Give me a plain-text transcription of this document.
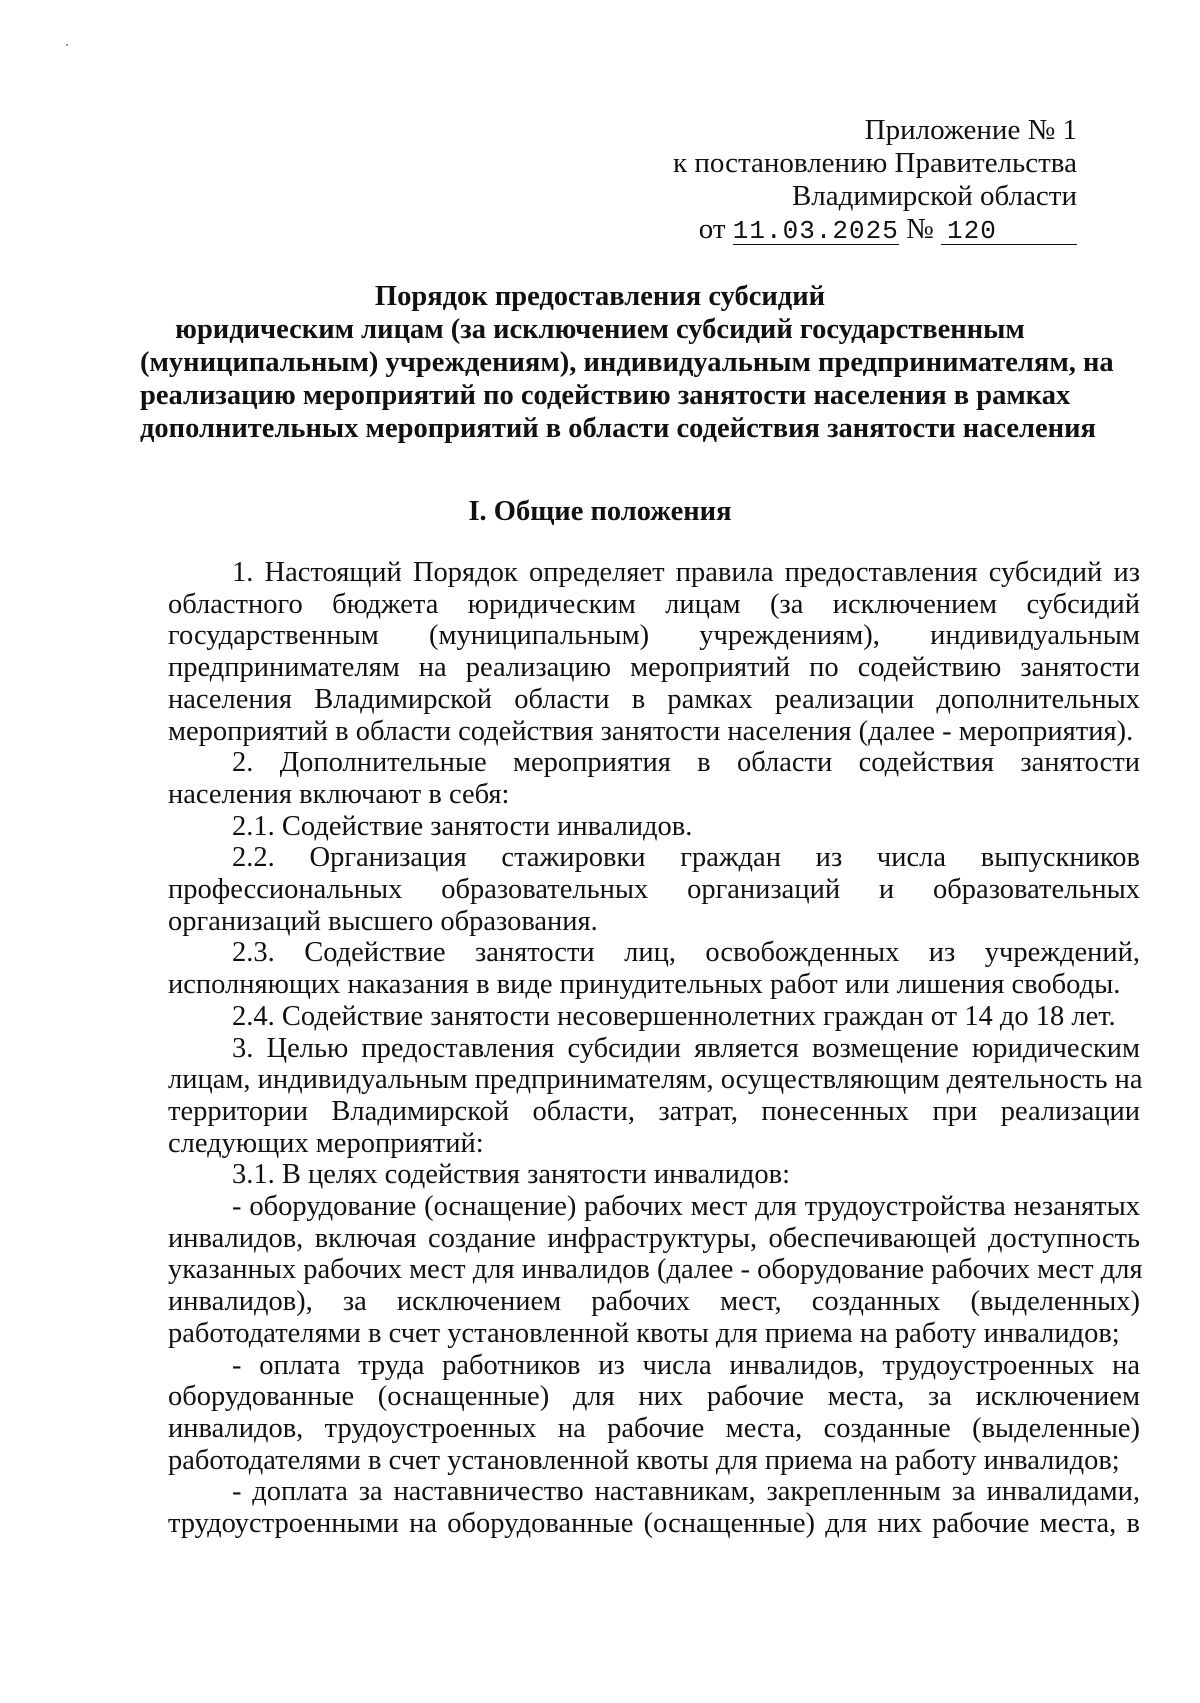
Приложение № 1
к постановлению Правительства
Владимирской области
от 11.03.2025 № 120
Порядок предоставления субсидий
юридическим лицам (за исключением субсидий государственным
(муниципальным) учреждениям), индивидуальным предпринимателям, на
реализацию мероприятий по содействию занятости населения в рамках
дополнительных мероприятий в области содействия занятости населения
I. Общие положения
1. Настоящий Порядок определяет правила предоставления субсидий из
областного бюджета юридическим лицам (за исключением субсидий
государственным (муниципальным) учреждениям), индивидуальным
предпринимателям на реализацию мероприятий по содействию занятости
населения Владимирской области в рамках реализации дополнительных
мероприятий в области содействия занятости населения (далее - мероприятия).
2. Дополнительные мероприятия в области содействия занятости
населения включают в себя:
2.1. Содействие занятости инвалидов.
2.2. Организация стажировки граждан из числа выпускников
профессиональных образовательных организаций и образовательных
организаций высшего образования.
2.3. Содействие занятости лиц, освобожденных из учреждений,
исполняющих наказания в виде принудительных работ или лишения свободы.
2.4. Содействие занятости несовершеннолетних граждан от 14 до 18 лет.
3. Целью предоставления субсидии является возмещение юридическим
лицам, индивидуальным предпринимателям, осуществляющим деятельность на
территории Владимирской области, затрат, понесенных при реализации
следующих мероприятий:
3.1. В целях содействия занятости инвалидов:
- оборудование (оснащение) рабочих мест для трудоустройства незанятых
инвалидов, включая создание инфраструктуры, обеспечивающей доступность
указанных рабочих мест для инвалидов (далее - оборудование рабочих мест для
инвалидов), за исключением рабочих мест, созданных (выделенных)
работодателями в счет установленной квоты для приема на работу инвалидов;
- оплата труда работников из числа инвалидов, трудоустроенных на
оборудованные (оснащенные) для них рабочие места, за исключением
инвалидов, трудоустроенных на рабочие места, созданные (выделенные)
работодателями в счет установленной квоты для приема на работу инвалидов;
- доплата за наставничество наставникам, закрепленным за инвалидами,
трудоустроенными на оборудованные (оснащенные) для них рабочие места, в
